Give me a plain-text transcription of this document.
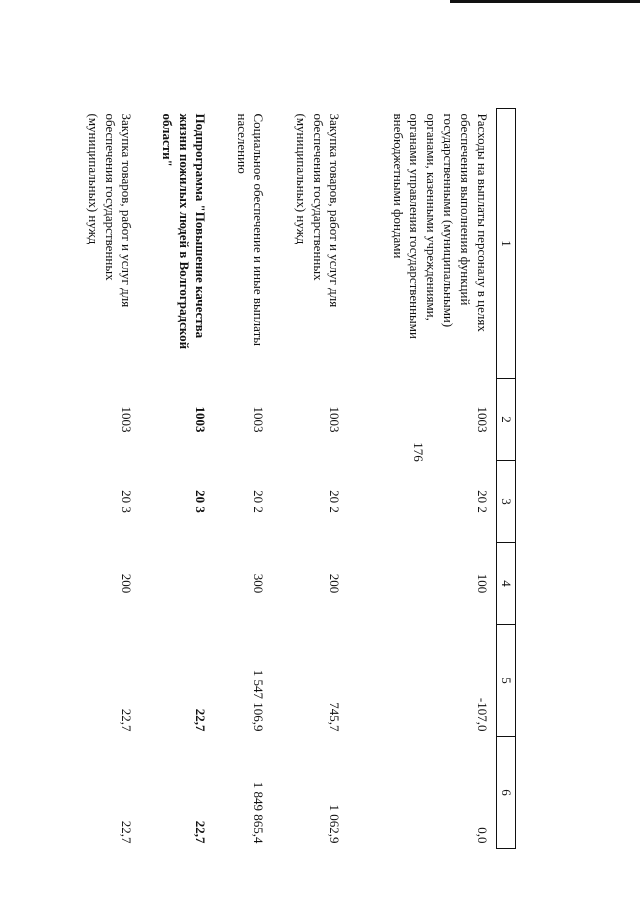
176
1	2	3	4	5	6
Расходы на выплаты персоналу в целях обеспечения выполнения функций государственными (муниципальными) органами, казенными учреждениями, органами управления государственными внебюджетными фондами	1003	20 2	100	-107,0	0,0
Закупка товаров, работ и услуг для обеспечения государственных (муниципальных) нужд	1003	20 2	200	745,7	1 062,9
Социальное обеспечение и иные выплаты населению	1003	20 2	300	1 547 106,9	1 849 865,4
Подпрограмма "Повышение качества жизни пожилых людей в Волгоградской области"	1003	20 3		22,7	22,7
Закупка товаров, работ и услуг для обеспечения государственных (муниципальных) нужд	1003	20 3	200	22,7	22,7
